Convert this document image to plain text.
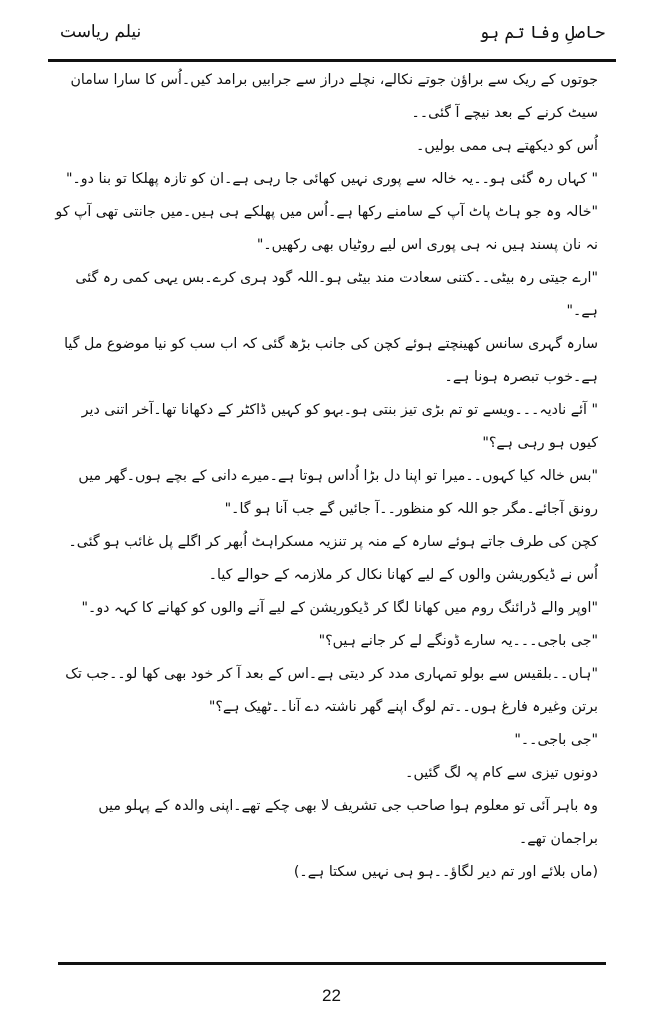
حاصلِ وفا تم ہو
نیلم ریاست

جوتوں کے ریک سے براؤن جوتے نکالے، نچلے دراز سے جرابیں برامد کیں۔اُس کا سارا سامان سیٹ کرنے کے بعد نیچے آ گئی۔۔

اُس کو دیکھتے ہی ممی بولیں۔

" کہاں رہ گئی ہو۔۔یہ خالہ سے پوری نہیں کھائی جا رہی ہے۔ان کو تازہ پھلکا تو بنا دو۔"

"خالہ وہ جو ہاٹ پاٹ آپ کے سامنے رکھا ہے۔اُس میں پھلکے ہی ہیں۔میں جانتی تھی آپ کو نہ نان پسند ہیں نہ ہی پوری اس لیے روٹیاں بھی رکھیں۔"

"ارے جیتی رہ بیٹی۔۔کتنی سعادت مند بیٹی ہو۔اللہ گود ہری کرے۔بس یہی کمی رہ گئی ہے۔"

سارہ گہری سانس کھینچتے ہوئے کچن کی جانب بڑھ گئی کہ اب سب کو نیا موضوع مل گیا ہے۔خوب تبصرہ ہونا ہے۔

" آئے نادیہ۔۔۔ویسے تو تم بڑی تیز بنتی ہو۔بہو کو کہیں ڈاکٹر کے دکھانا تھا۔آخر اتنی دیر کیوں ہو رہی ہے؟"

"بس خالہ کیا کہوں۔۔میرا تو اپنا دل بڑا اُداس ہوتا ہے۔میرے دانی کے بچے ہوں۔گھر میں رونق آجائے۔مگر جو اللہ کو منظور۔۔آ جائیں گے جب آنا ہو گا۔"

کچن کی طرف جاتے ہوئے سارہ کے منہ پر تنزیہ مسکراہٹ اُبھر کر اگلے پل غائب ہو گئی۔

اُس نے ڈیکوریشن والوں کے لیے کھانا نکال کر ملازمہ کے حوالے کیا۔

"اوپر والے ڈرائنگ روم میں کھانا لگا کر ڈیکوریشن کے لیے آنے والوں کو کھانے کا کہہ دو۔"

"جی باجی۔۔۔یہ سارے ڈونگے لے کر جانے ہیں؟"

"ہاں۔۔بلقیس سے بولو تمہاری مدد کر دیتی ہے۔اس کے بعد آ کر خود بھی کھا لو۔۔جب تک برتن وغیرہ فارغ ہوں۔۔تم لوگ اپنے گھر ناشتہ دے آنا۔۔ٹھیک ہے؟"

"جی باجی۔۔"

دونوں تیزی سے کام پہ لگ گئیں۔

وہ باہر آئی تو معلوم ہوا صاحب جی تشریف لا بھی چکے تھے۔اپنی والدہ کے پہلو میں براجمان تھے۔

(ماں بلائے اور تم دیر لگاؤ۔۔ہو ہی نہیں سکتا ہے۔)

22
